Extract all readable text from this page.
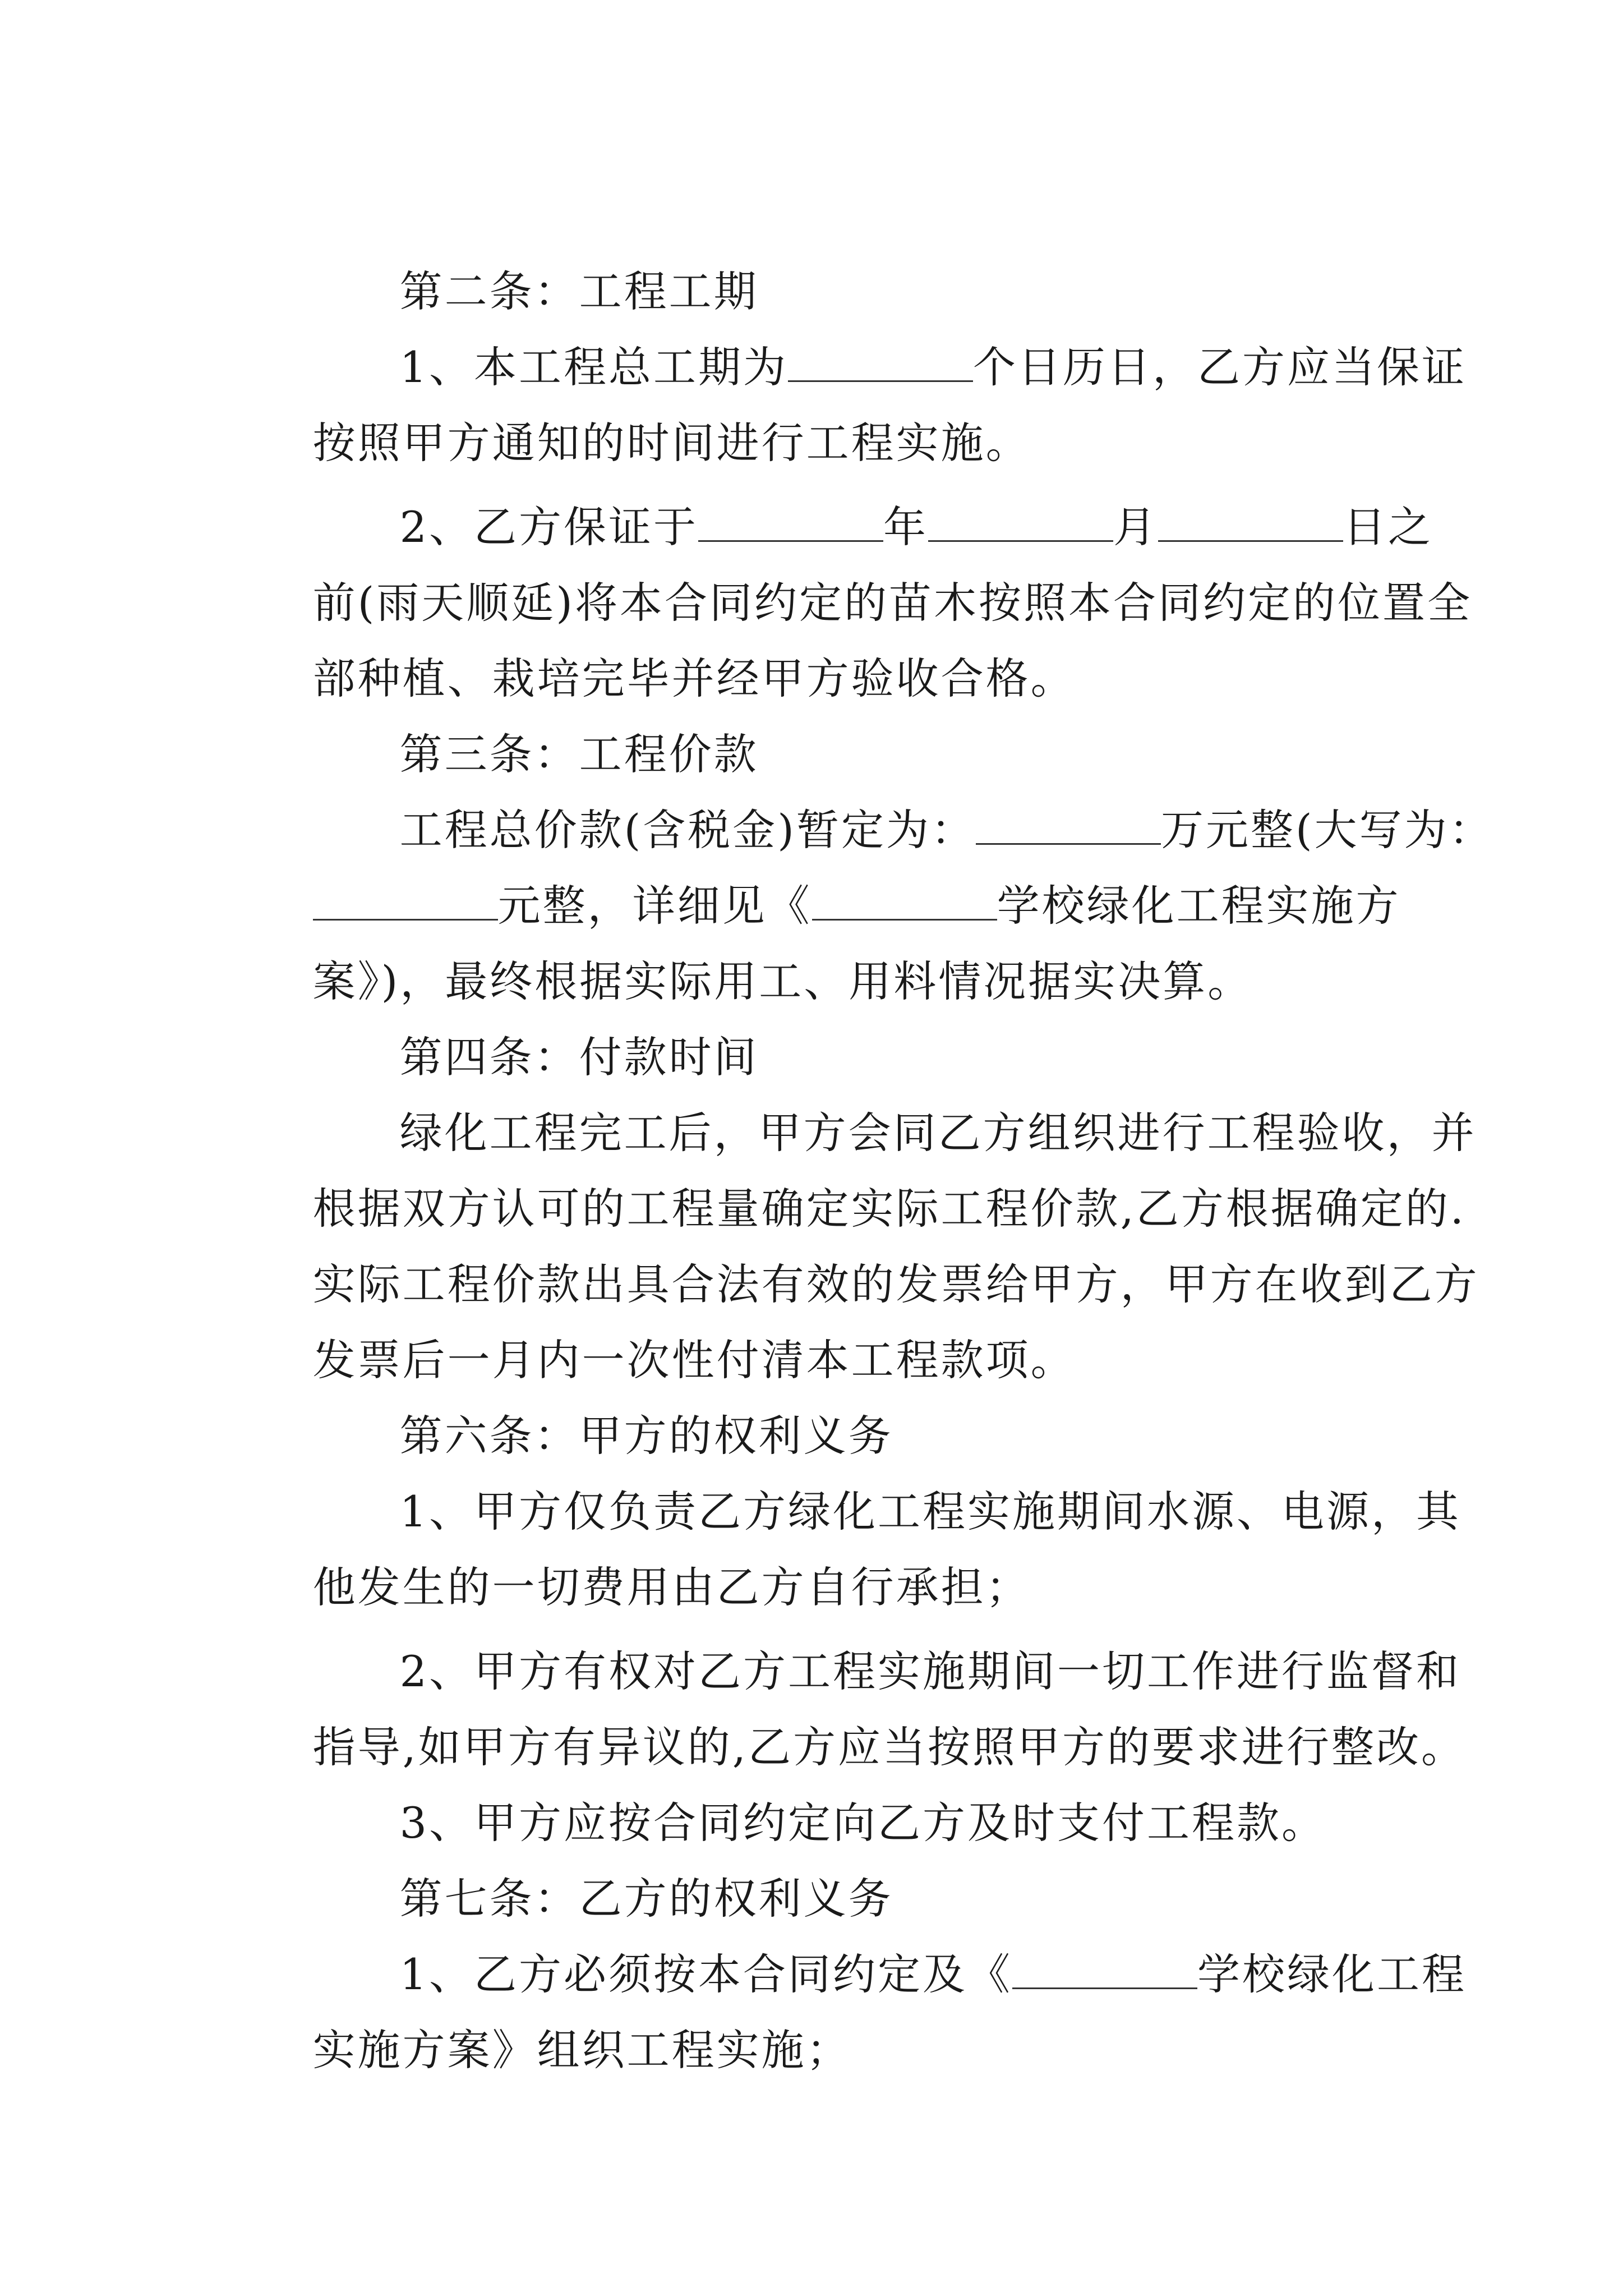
第二条：工程工期

1、本工程总工期为	个日历日，乙方应当保证

按照甲方通知的时间进行工程实施。

2、乙方保证于	年	月	日之

前(雨天顺延)将本合同约定的苗木按照本合同约定的位置全

部种植、栽培完毕并经甲方验收合格。

第三条：工程价款

工程总价款(含税金)暂定为：	万元整(大写为：

元整，详细见《	学校绿化工程实施方

案》)，最终根据实际用工、用料情况据实决算。

第四条：付款时间

绿化工程完工后，甲方会同乙方组织进行工程验收，并

根据双方认可的工程量确定实际工程价款,乙方根据确定的.

实际工程价款出具合法有效的发票给甲方，甲方在收到乙方

发票后一月内一次性付清本工程款项。

第六条：甲方的权利义务

1、甲方仅负责乙方绿化工程实施期间水源、电源，其

他发生的一切费用由乙方自行承担；

2、甲方有权对乙方工程实施期间一切工作进行监督和

指导,如甲方有异议的,乙方应当按照甲方的要求进行整改。

3、甲方应按合同约定向乙方及时支付工程款。

第七条：乙方的权利义务

1、乙方必须按本合同约定及《	学校绿化工程

实施方案》组织工程实施；
